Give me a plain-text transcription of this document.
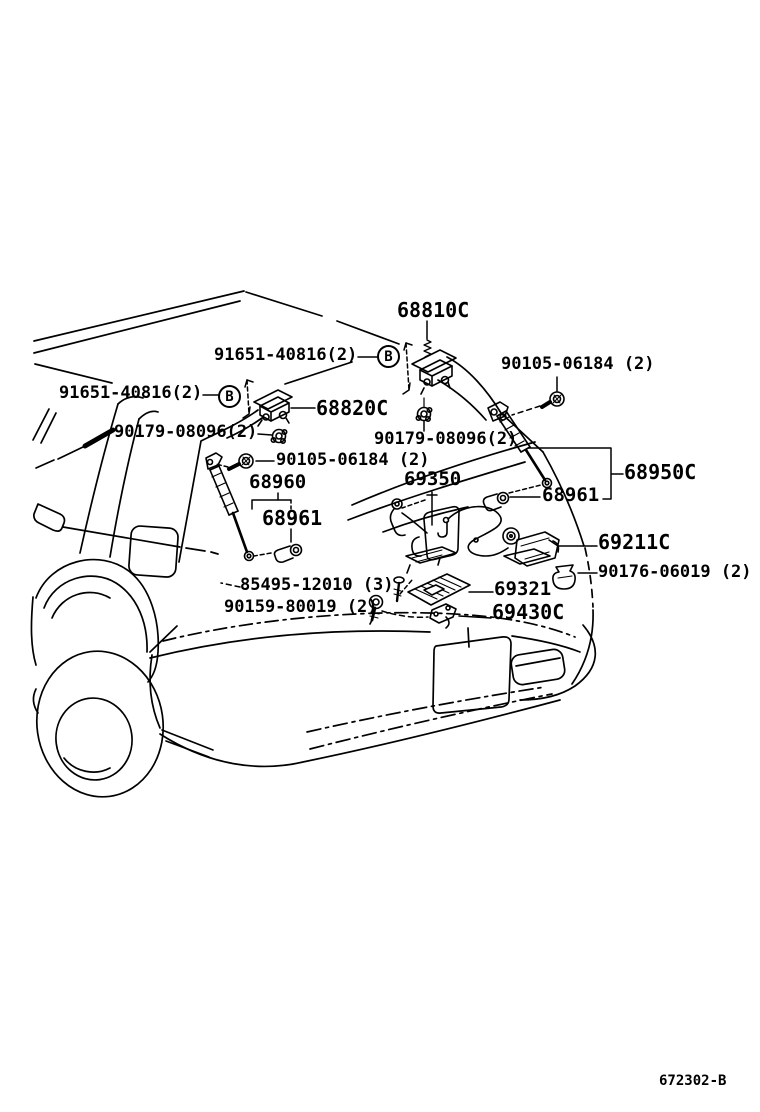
68810C
91651-40816(2)
91651-40816(2)
90179-08096(2)
68820C
90179-08096(2)
90105-06184 (2)
68950C
68961
69350
68960
90105-06184 (2)
68961
69211C
90176-06019 (2)
69321
69430C
85495-12010 (3)
90159-80019 (2)
B
B
672302-B
